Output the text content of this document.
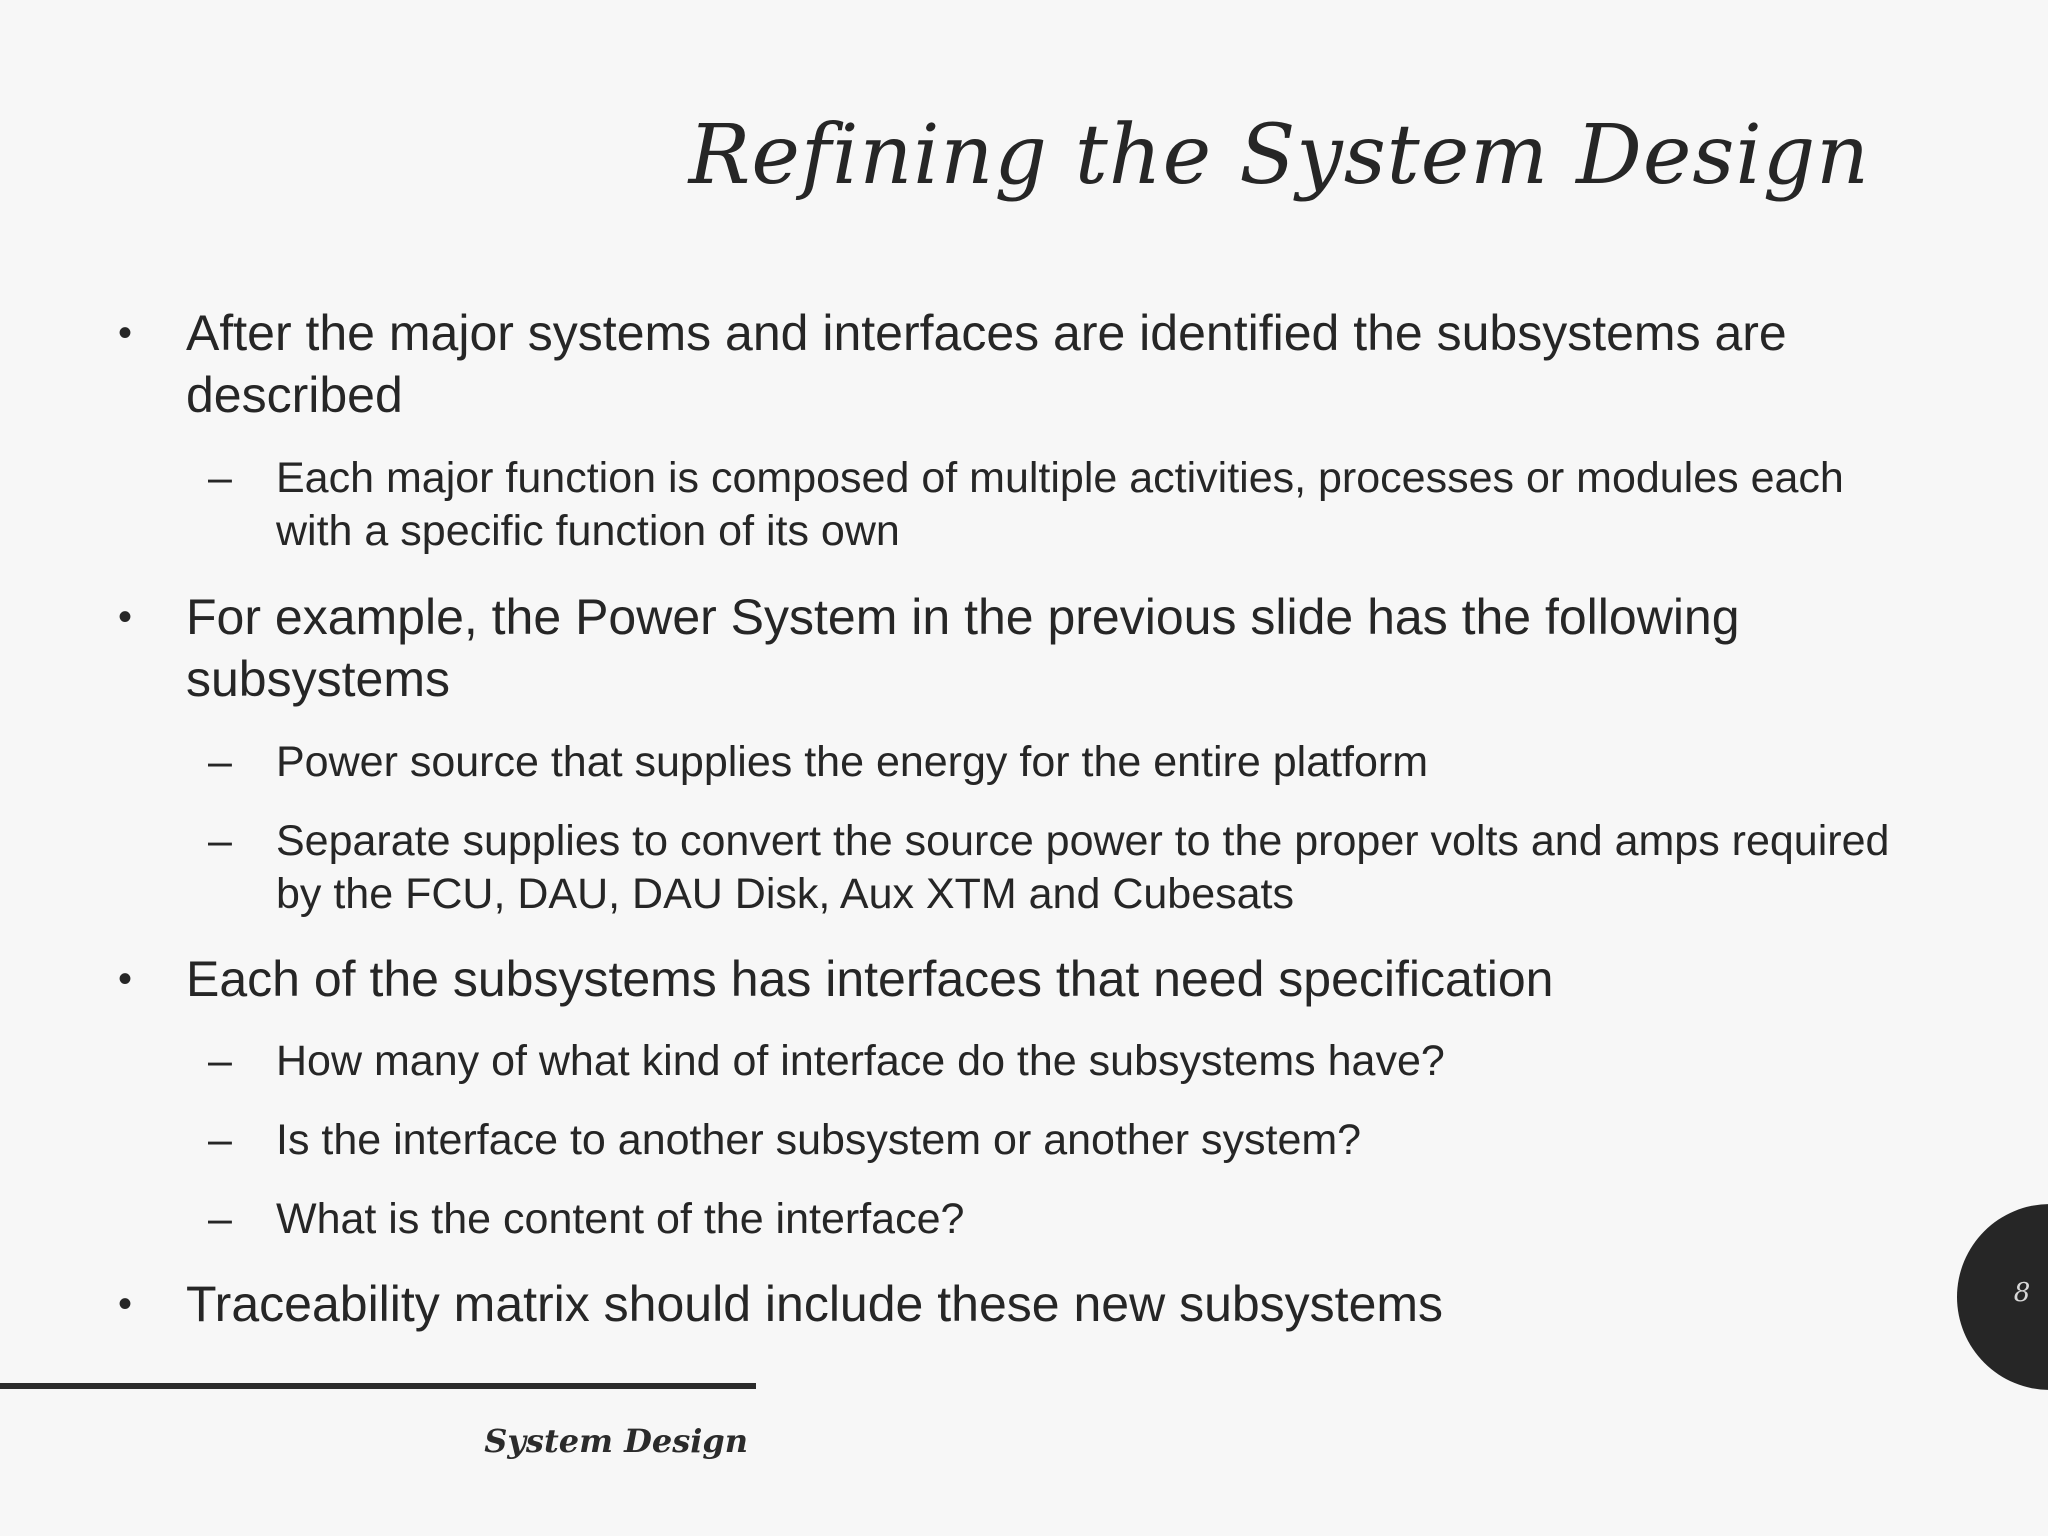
Refining the System Design
• After the major systems and interfaces are identified the subsystems are described
– Each major function is composed of multiple activities, processes or modules each with a specific function of its own
• For example, the Power System in the previous slide has the following subsystems
– Power source that supplies the energy for the entire platform
– Separate supplies to convert the source power to the proper volts and amps required by the FCU, DAU, DAU Disk, Aux XTM and Cubesats
• Each of the subsystems has interfaces that need specification
– How many of what kind of interface do the subsystems have?
– Is the interface to another subsystem or another system?
– What is the content of the interface?
• Traceability matrix should include these new subsystems
System Design
8
